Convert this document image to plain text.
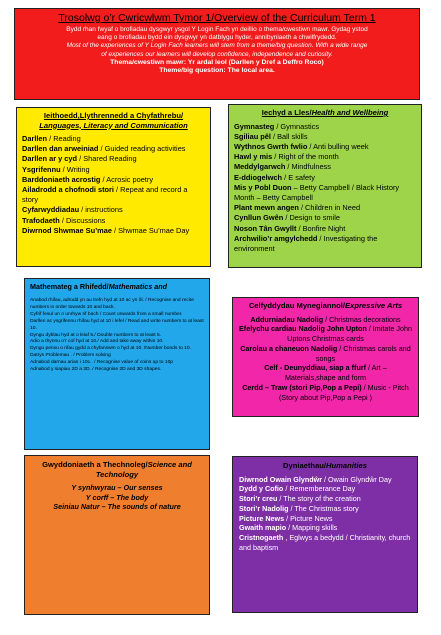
Trosolwg o’r Cwricwlwm Tymor 1/Overview of the Curriculum Term 1
Bydd rhan fwyaf o brofiadau dysgwyr ysgol Y Login Fach yn deillio o thema/cwestiwn mawr. Gydag ystod
eang o brofiadau bydd ein dysgwyr yn datblygu hyder, annibyniaeth a chwilfrydedd.
Most of the experiences of Y Login Fach learners will stem from a theme/big question. With a wide range
of experiences our learners will develop confidence, independence and curiosity.
Thema/cwestiwn mawr: Yr ardal leol (Darllen y Dref a Deffro Roco)
Theme/big question: The local area.
Ieithoedd,Llythrennedd a Chyfathrebu/
Languages, Literacy and Communication
Darllen / Reading
Darllen dan arweiniad / Guided reading activities
Darllen ar y cyd / Shared Reading
Ysgrifennu / Writing
Barddoniaeth acrostig / Acrosic poetry
Ailadrodd a chofnodi stori / Repeat and record a story
Cyfarwyddiadau / instructions
Trafodaeth / Discussions
Diwrnod Shwmae Su’mae / Shwmae Su’mae Day
Iechyd a Lles/Health and Wellbeing
Gymnasteg / Gymnastics
Sgiliau pêl / Ball skills
Wythnos Gwrth fwlio / Anti bulling week
Hawl y mis / Right of the month
Meddylgarwch / Mindfulness
E-ddiogelwch / E safety
Mis y Pobl Duon – Betty Campbell / Black History Month – Betty Campbell
Plant mewn angen / Children in Need
Cynllun Gwên / Design to smile
Noson Tân Gwyllt / Bonfire Night
Archwilio’r amgylchedd / Investigating the environment
Mathemateg a Rhifedd/Mathematics and
Anabod rhifau, adrodd yn au trefn hyd at 10 ac yn ôl. / Recognise and recite numbers in order towards 10 and back.
Cyfrif fesul un o unrhyw rif bach / Count onwards from a small number.
Darllen ac ysgrifennu rhifau hyd at 10 i lefel / Read and write numbers to at least 10.
Dyngu dyblau hyd at o leiaf 5./ Double numbers to at least 5.
Adio a thynnu o’r cof hyd at 10./ Add and take away within 10.
Dyngu pensu o rifau gydd a chyfanswm o hyd at 10. /Number bonds to 10.
Datrys Problemau . / Problem solving
Adnabod darnau arian i 10c.. / Recognise value of coins up to 10p
Adnabod y siapiau 2D a 3D. / Recognise 2D and 3D shapes.
Celfyddydau Mynegiannol/Expressive Arts
Addurniadau Nadolig / Christmas decorations
Efelychu cardiau Nadolig John Upton / Imitate John Uptons Christmas cards
Carolau a chaneuon Nadolig / Christmas carols and songs
Celf - Deunyddiau, siap a ffurf / Art – Materials,shape and form
Cerdd – Traw (stori Pip,Pop a Pepi) / Music - Pitch (Story about Pip,Pop a Pepi )
Gwyddoniaeth a Thechnoleg/Science and Technology
Y synhwyrau – Our senses
Y corff – The body
Seiniau Natur – The sounds of nature
Dyniaethau/Humanities
Diwrnod Owain Glyndŵr / Owain Glyndŵr Day
Dydd y Cofio / Rememberance Day
Stori’r creu / The story of the creation
Stori’r Nadolig / The Christmas story
Picture News / Picture News
Gwaith mapio / Mapping skills
Cristnogaeth , Eglwys a bedydd / Christianity, church and baptism
